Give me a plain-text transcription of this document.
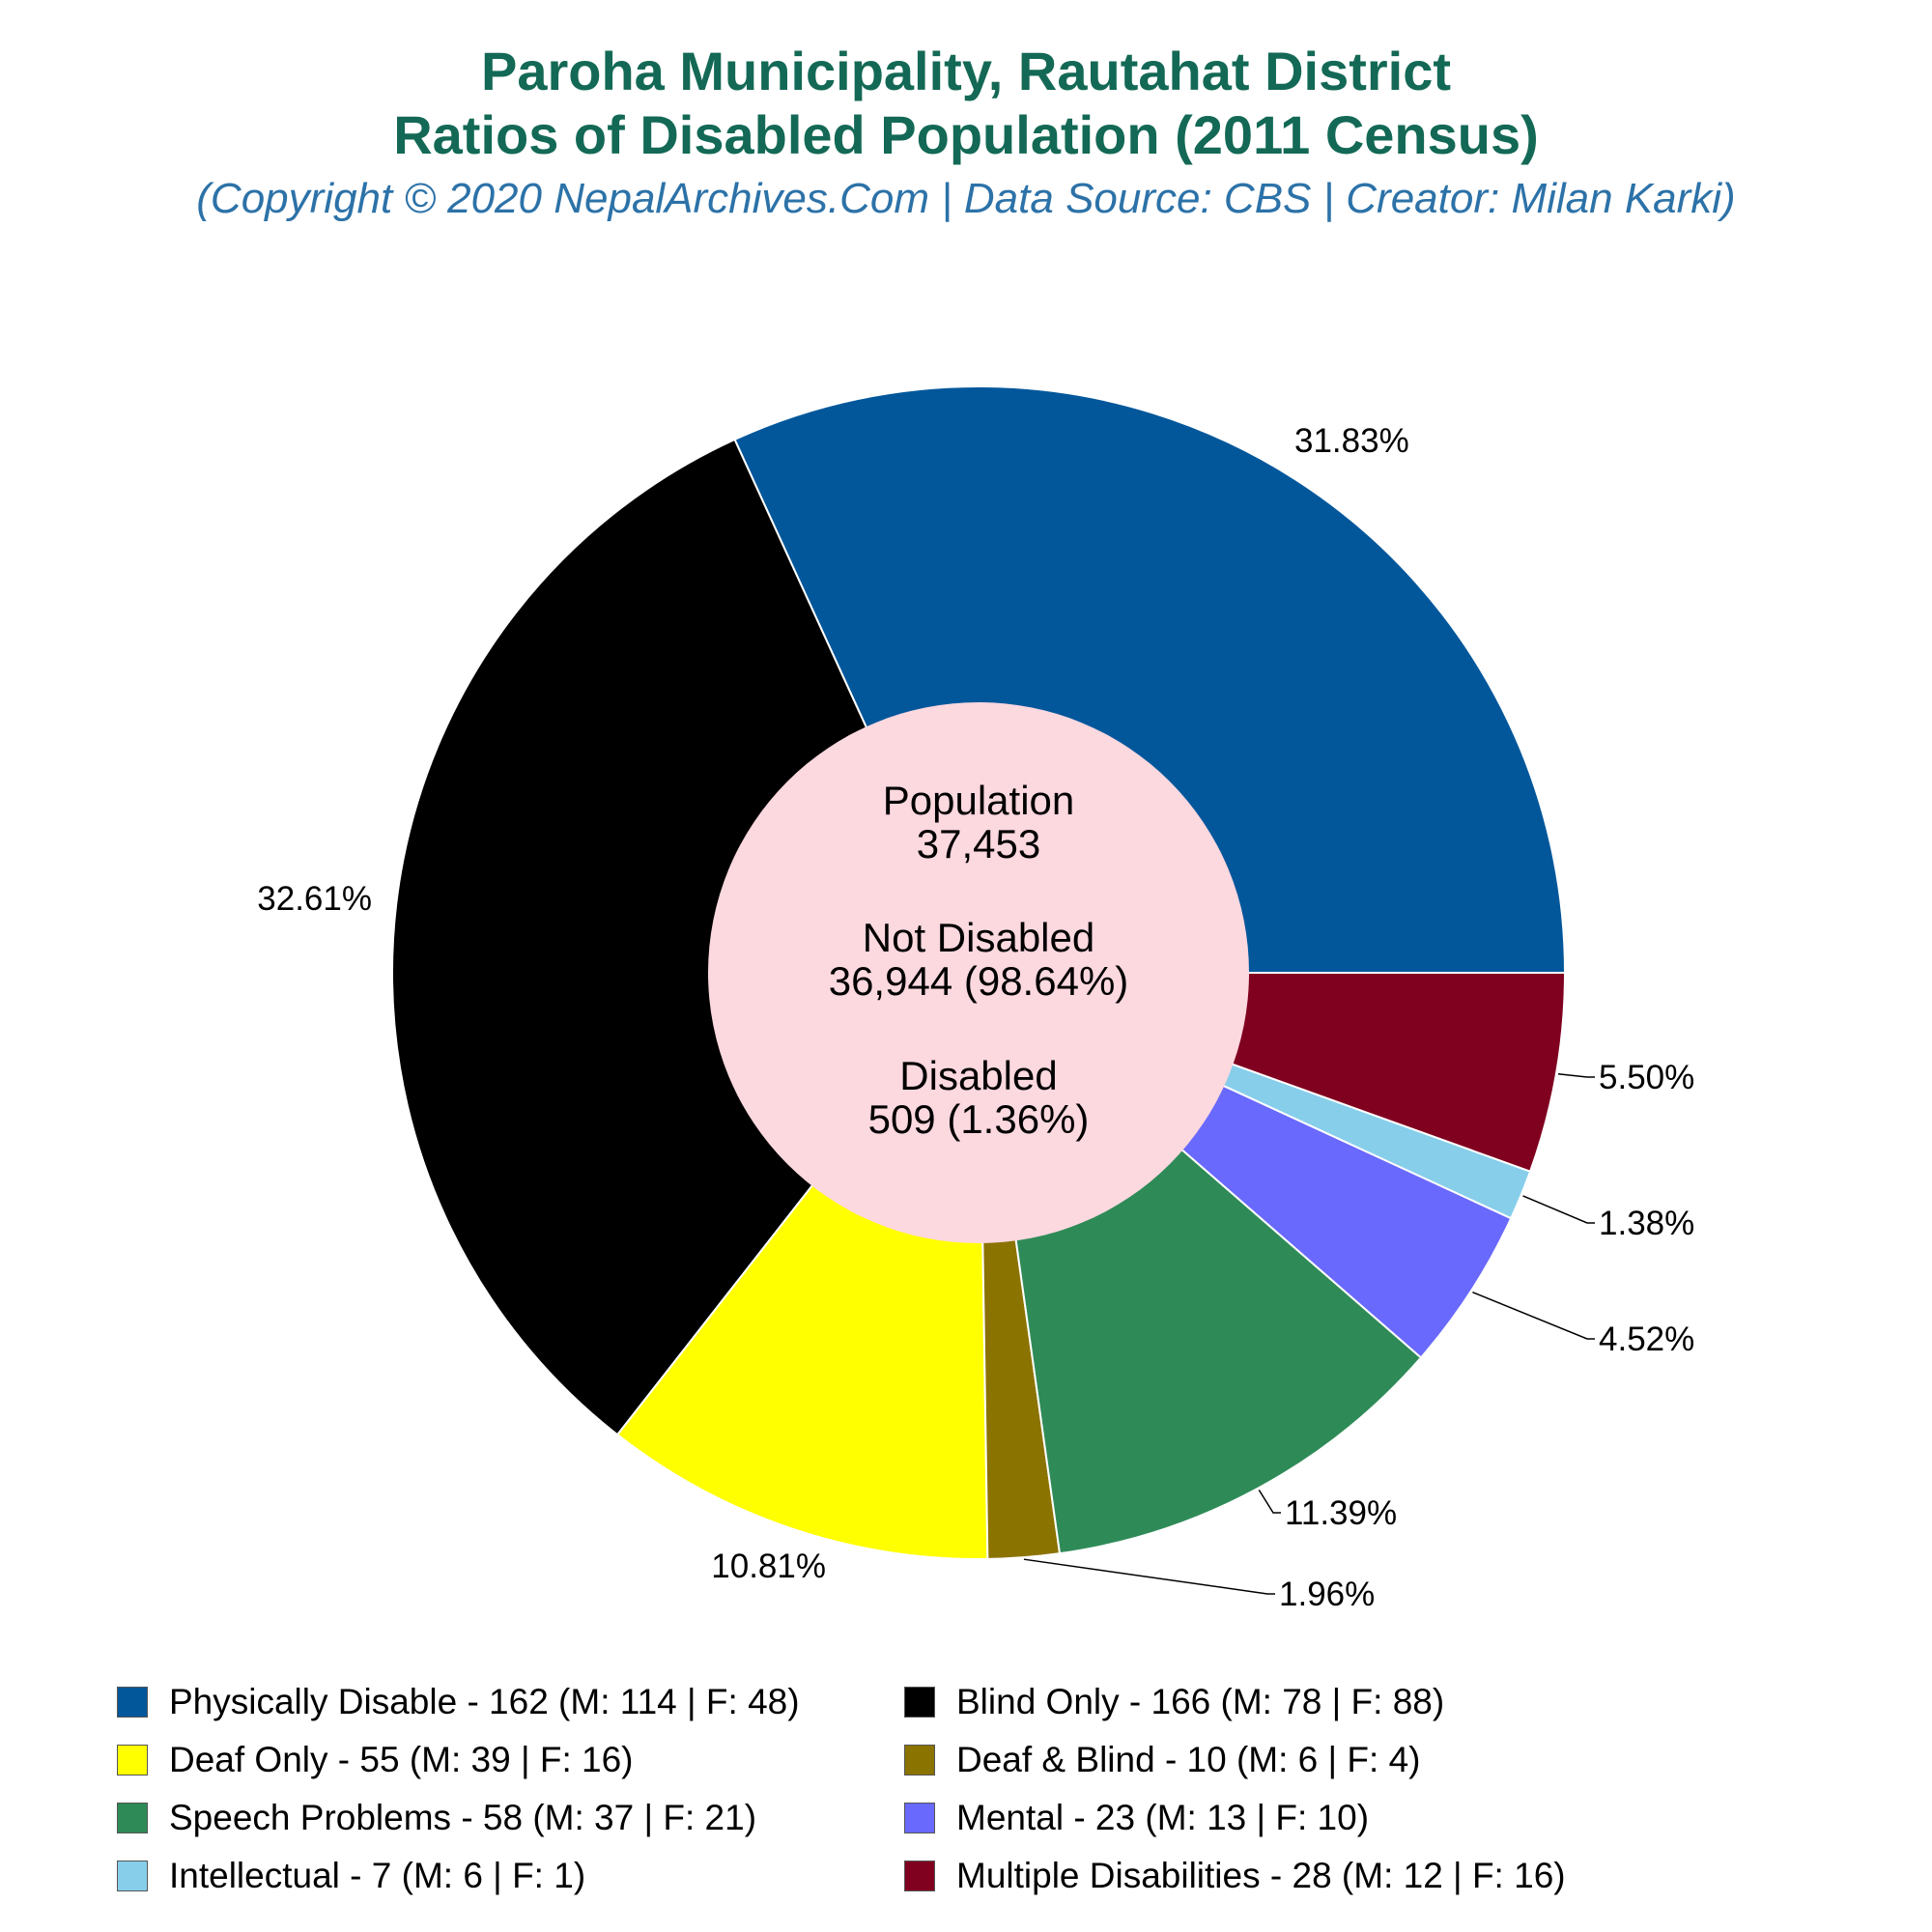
Paroha Municipality, Rautahat District
Ratios of Disabled Population (2011 Census)
(Copyright © 2020 NepalArchives.Com | Data Source: CBS | Creator: Milan Karki)
31.83%
32.61%
10.81%
1.96%
11.39%
4.52%
1.38%
5.50%
Population
37,453
Not Disabled
36,944 (98.64%)
Disabled
509 (1.36%)
Physically Disable - 162 (M: 114 | F: 48)	Blind Only - 166 (M: 78 | F: 88)
Deaf Only - 55 (M: 39 | F: 16)	Deaf & Blind - 10 (M: 6 | F: 4)
Speech Problems - 58 (M: 37 | F: 21)	Mental - 23 (M: 13 | F: 10)
Intellectual - 7 (M: 6 | F: 1)	Multiple Disabilities - 28 (M: 12 | F: 16)
